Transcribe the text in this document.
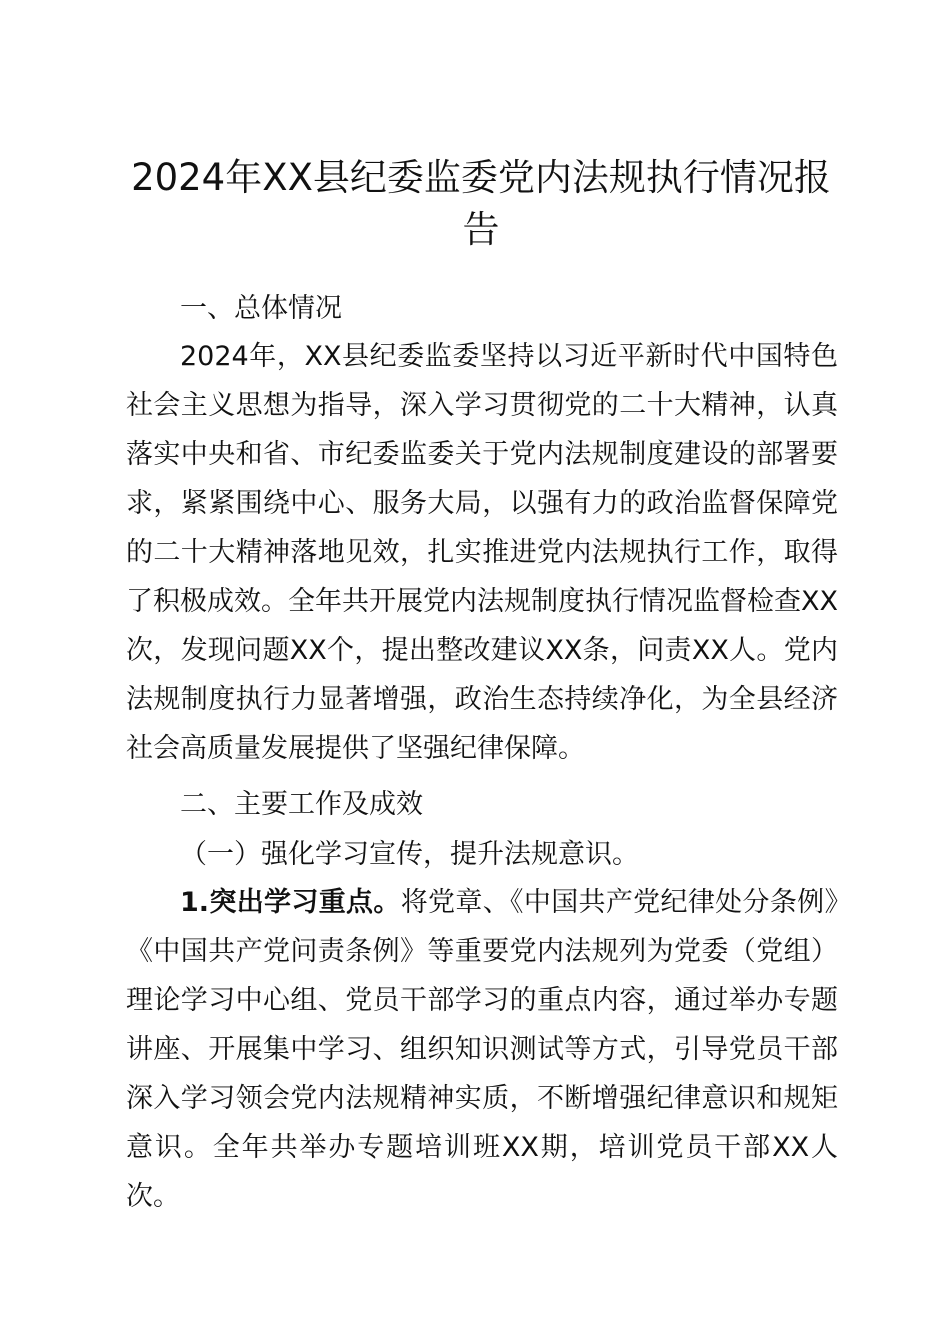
2024年XX县纪委监委党内法规执行情况报告

一、总体情况

2024年，XX县纪委监委坚持以习近平新时代中国特色社会主义思想为指导，深入学习贯彻党的二十大精神，认真落实中央和省、市纪委监委关于党内法规制度建设的部署要求，紧紧围绕中心、服务大局，以强有力的政治监督保障党的二十大精神落地见效，扎实推进党内法规执行工作，取得了积极成效。全年共开展党内法规制度执行情况监督检查XX次，发现问题XX个，提出整改建议XX条，问责XX人。党内法规制度执行力显著增强，政治生态持续净化，为全县经济社会高质量发展提供了坚强纪律保障。

二、主要工作及成效

（一）强化学习宣传，提升法规意识。

1.突出学习重点。将党章、《中国共产党纪律处分条例》《中国共产党问责条例》等重要党内法规列为党委（党组）理论学习中心组、党员干部学习的重点内容，通过举办专题讲座、开展集中学习、组织知识测试等方式，引导党员干部深入学习领会党内法规精神实质，不断增强纪律意识和规矩意识。全年共举办专题培训班XX期，培训党员干部XX人次。
